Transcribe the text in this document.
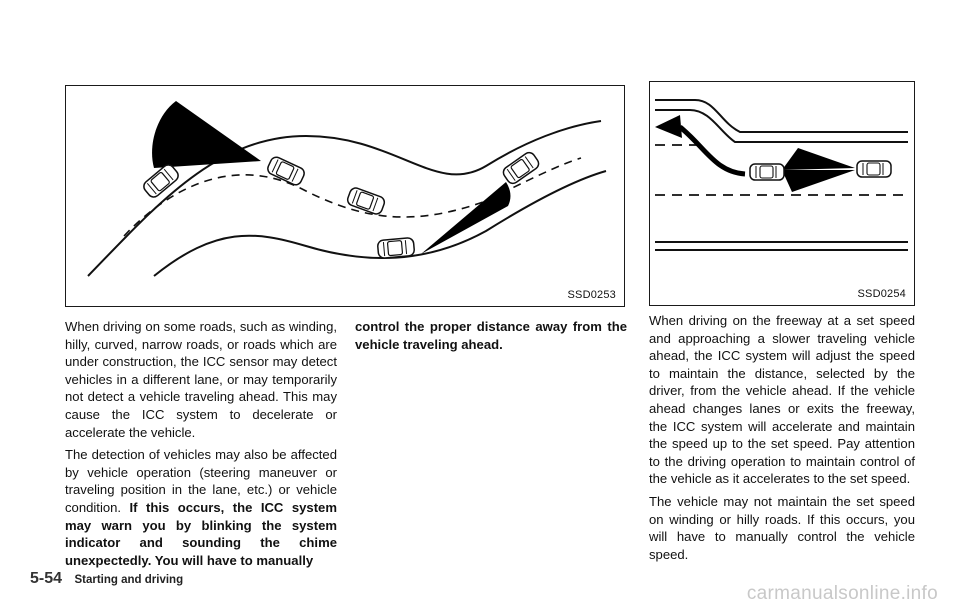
SSD0253	SSD0254

When driving on some roads, such as winding, hilly, curved, narrow roads, or roads which are under construction, the ICC sensor may detect vehicles in a different lane, or may temporarily not detect a vehicle traveling ahead. This may cause the ICC system to decelerate or accelerate the vehicle.

The detection of vehicles may also be affected by vehicle operation (steering maneuver or traveling position in the lane, etc.) or vehicle condition. If this occurs, the ICC system may warn you by blinking the system indicator and sounding the chime unexpectedly. You will have to manually

control the proper distance away from the vehicle traveling ahead.

When driving on the freeway at a set speed and approaching a slower traveling vehicle ahead, the ICC system will adjust the speed to maintain the distance, selected by the driver, from the vehicle ahead. If the vehicle ahead changes lanes or exits the freeway, the ICC system will accelerate and maintain the speed up to the set speed. Pay attention to the driving operation to maintain control of the vehicle as it accelerates to the set speed.

The vehicle may not maintain the set speed on winding or hilly roads. If this occurs, you will have to manually control the vehicle speed.

5-54 Starting and driving
carmanualsonline.info
